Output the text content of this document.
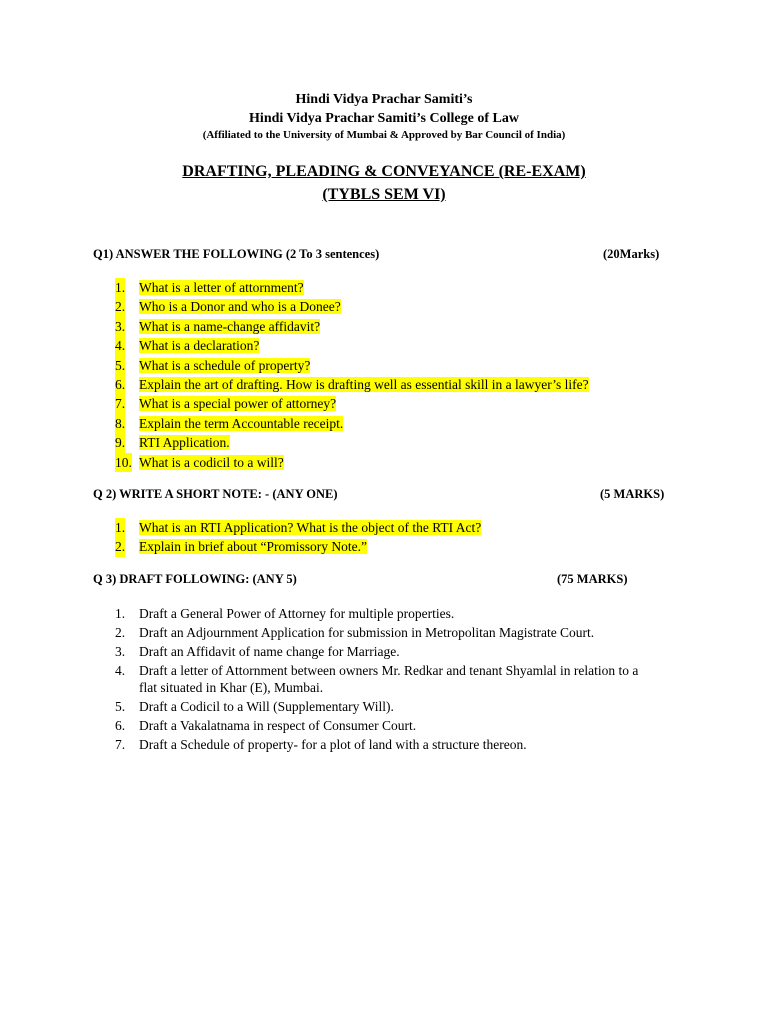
Hindi Vidya Prachar Samiti’s
Hindi Vidya Prachar Samiti’s College of Law
(Affiliated to the University of Mumbai & Approved by Bar Council of India)
DRAFTING, PLEADING & CONVEYANCE (RE-EXAM)
(TYBLS SEM VI)
Q1) ANSWER THE FOLLOWING (2 To 3 sentences)	(20Marks)
1. What is a letter of attornment?
2. Who is a Donor and who is a Donee?
3. What is a name-change affidavit?
4. What is a declaration?
5. What is a schedule of property?
6. Explain the art of drafting. How is drafting well as essential skill in a lawyer’s life?
7. What is a special power of attorney?
8. Explain the term Accountable receipt.
9. RTI Application.
10. What is a codicil to a will?
Q 2) WRITE A SHORT NOTE: - (ANY ONE)	(5 MARKS)
1. What is an RTI Application? What is the object of the RTI Act?
2. Explain in brief about “Promissory Note.”
Q 3) DRAFT FOLLOWING: (ANY 5)	(75 MARKS)
1. Draft a General Power of Attorney for multiple properties.
2. Draft an Adjournment Application for submission in Metropolitan Magistrate Court.
3. Draft an Affidavit of name change for Marriage.
4. Draft a letter of Attornment between owners Mr. Redkar and tenant Shyamlal in relation to a flat situated in Khar (E), Mumbai.
5. Draft a Codicil to a Will (Supplementary Will).
6. Draft a Vakalatnama in respect of Consumer Court.
7. Draft a Schedule of property- for a plot of land with a structure thereon.
